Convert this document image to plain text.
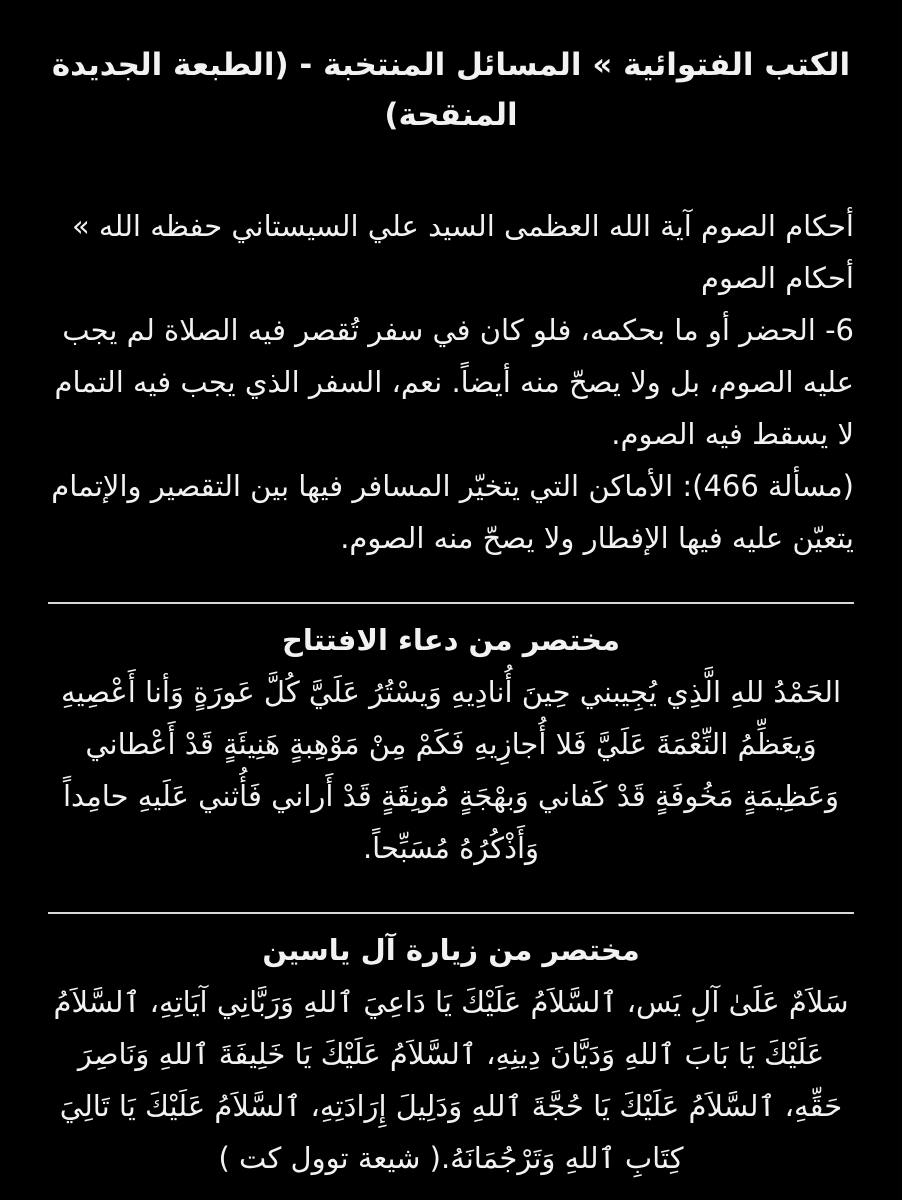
الكتب الفتوائية » المسائل المنتخبة - (الطبعة الجديدة المنقحة)

أحكام الصوم آية الله العظمى السيد علي السيستاني حفظه الله » أحكام الصوم

6- الحضر أو ما بحكمه، فلو كان في سفر تُقصر فيه الصلاة لم يجب عليه الصوم، بل ولا يصحّ منه أيضاً. نعم، السفر الذي يجب فيه التمام لا يسقط فيه الصوم.

(مسألة 466): الأماكن التي يتخيّر المسافر فيها بين التقصير والإتمام يتعيّن عليه فيها الإفطار ولا يصحّ منه الصوم.

مختصر من دعاء الافتتاح

الحَمْدُ للهِ الَّذِي يُجِيبني حِينَ أُنادِيهِ وَيسْتُرُ عَلَيَّ كُلَّ عَورَةٍ وَأنا أَعْصِيهِ وَيعَظِّمُ النِّعْمَةَ عَلَيَّ فَلا أُجازِيهِ فَكَمْ مِنْ مَوْهِبةٍ هَنِيئَةٍ قَدْ أَعْطاني وَعَظِيمَةٍ مَخُوفَةٍ قَدْ كَفاني وَبهْجَةٍ مُونِقَةٍ قَدْ أَراني فَأُثني عَلَيهِ حامِداً وَأَذْكُرُهُ مُسَبِّحاً.

مختصر من زيارة آل ياسين

سَلاَمٌ عَلَىٰ آلِ يَس، ٱلسَّلاَمُ عَلَيْكَ يَا دَاعِيَ ٱللهِ وَرَبَّانِي آيَاتِهِ، ٱلسَّلاَمُ عَلَيْكَ يَا بَابَ ٱللهِ وَدَيَّانَ دِينِهِ، ٱلسَّلاَمُ عَلَيْكَ يَا خَلِيفَةَ ٱللهِ وَنَاصِرَ حَقِّهِ، ٱلسَّلاَمُ عَلَيْكَ يَا حُجَّةَ ٱللهِ وَدَلِيلَ إِرَادَتِهِ، ٱلسَّلاَمُ عَلَيْكَ يَا تَالِيَ كِتَابِ ٱللهِ وَتَرْجُمَانَهُ.( شيعة توول كت )
